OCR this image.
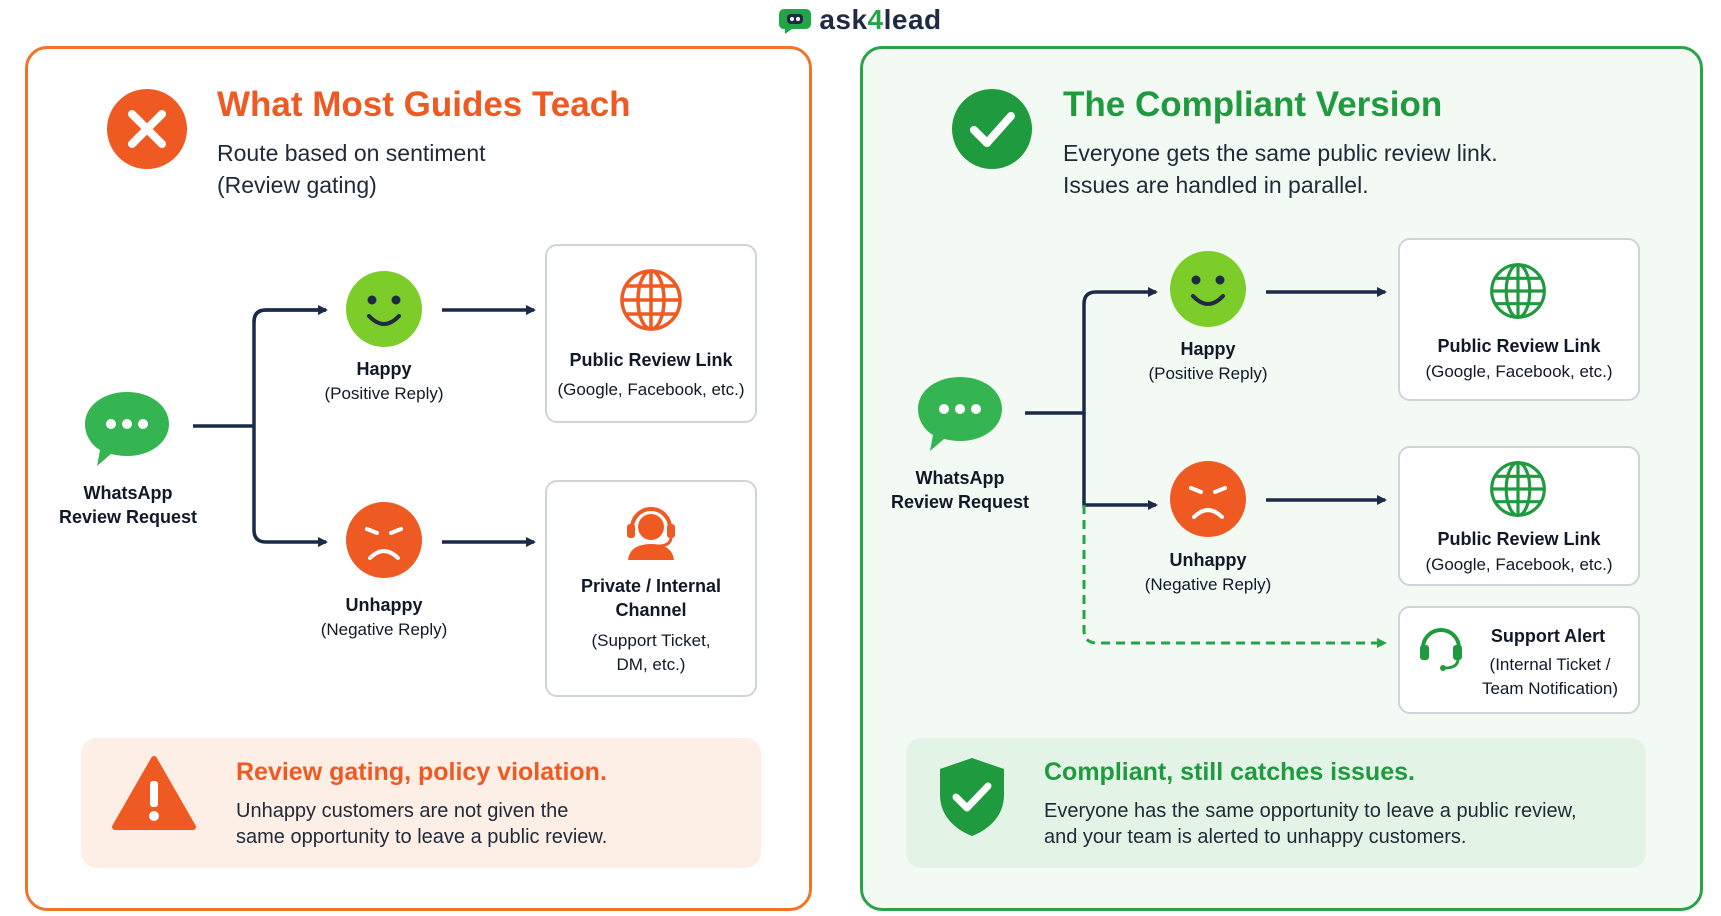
ask4lead
What Most Guides Teach
Route based on sentiment
(Review gating)
WhatsApp
Review Request
Happy
(Positive Reply)
Unhappy
(Negative Reply)
Public Review Link
(Google, Facebook, etc.)
Private / Internal
Channel
(Support Ticket,
DM, etc.)
Review gating, policy violation.
Unhappy customers are not given the
same opportunity to leave a public review.
The Compliant Version
Everyone gets the same public review link.
Issues are handled in parallel.
WhatsApp
Review Request
Happy
(Positive Reply)
Unhappy
(Negative Reply)
Public Review Link
(Google, Facebook, etc.)
Public Review Link
(Google, Facebook, etc.)
Support Alert
(Internal Ticket /
Team Notification)
Compliant, still catches issues.
Everyone has the same opportunity to leave a public review,
and your team is alerted to unhappy customers.
